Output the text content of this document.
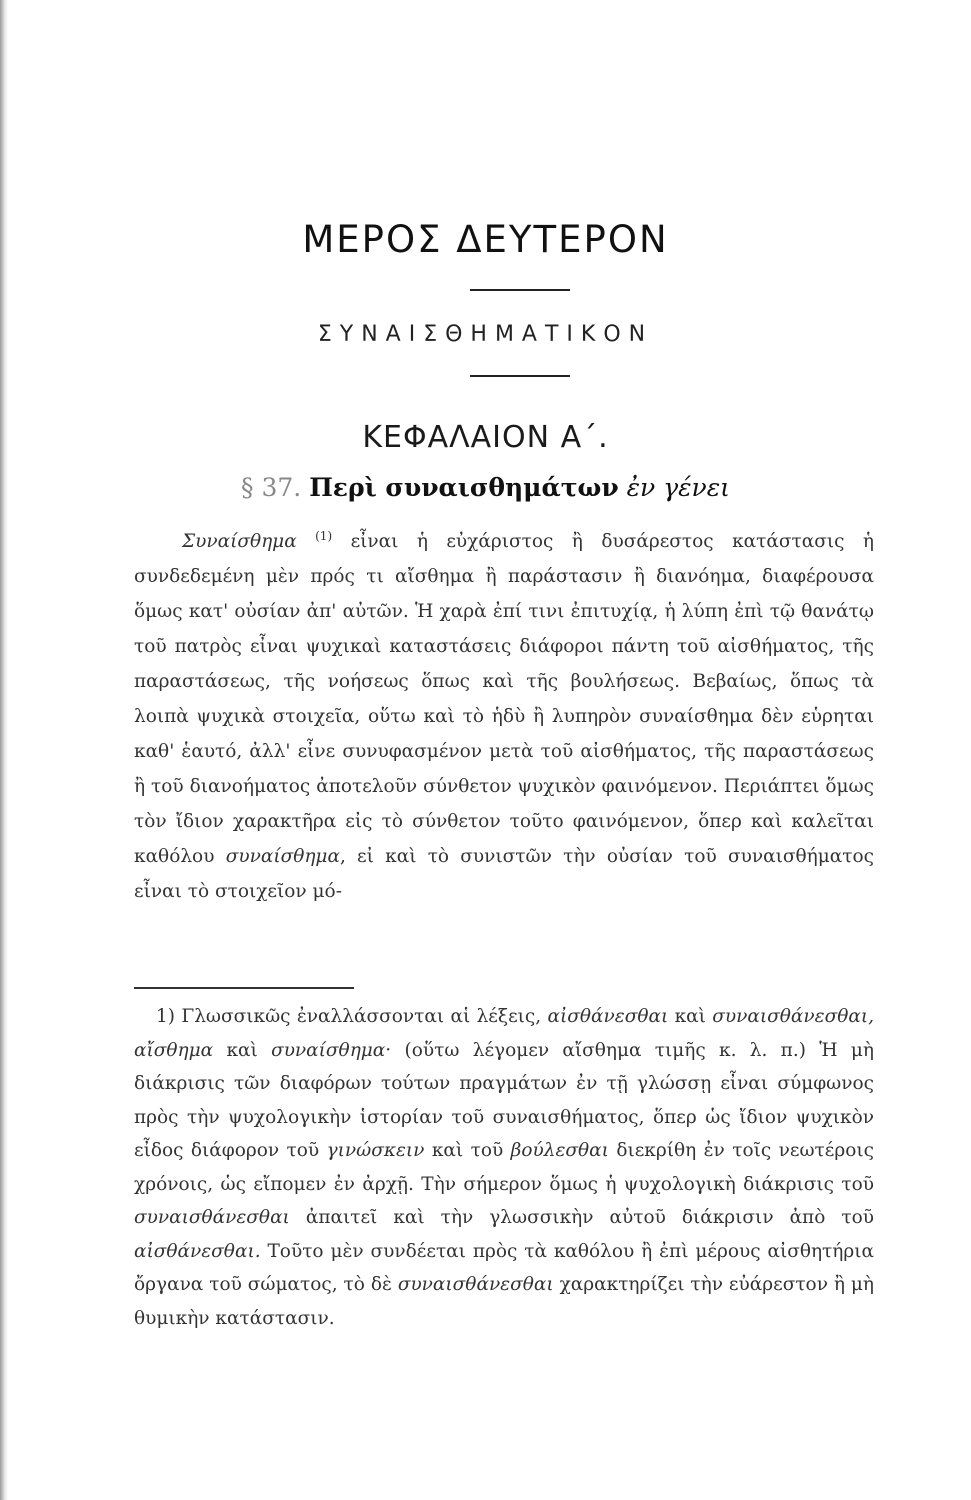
ΜΕΡΟΣ ΔΕΥΤΕΡΟΝ
ΣΥΝΑΙΣΘΗΜΑΤΙΚΟΝ
ΚΕΦΑΛΑΙΟΝ Α΄.
§ 37. Περὶ συναισθημάτων ἐν γένει
Συναίσθημα $^{(1)}$ εἶναι ἡ εὐχάριστος ἢ δυσάρεστος κατάστασις ἡ συνδεδεμένη μὲν πρός τι αἴσθημα ἢ παράστασιν ἢ διανόημα, διαφέρουσα ὅμως κατ' οὐσίαν ἀπ' αὐτῶν. Ἡ χαρὰ ἐπί τινι ἐπιτυχίᾳ, ἡ λύπη ἐπὶ τῷ θανάτῳ τοῦ πατρὸς εἶναι ψυχικαὶ καταστάσεις διάφοροι πάντη τοῦ αἰσθήματος, τῆς παραστάσεως, τῆς νοήσεως ὅπως καὶ τῆς βουλήσεως. Βεβαίως, ὅπως τὰ λοιπὰ ψυχικὰ στοιχεῖα, οὕτω καὶ τὸ ἡδὺ ἢ λυπηρὸν συναίσθημα δὲν εὑρηται καθ' ἑαυτό, ἀλλ' εἶνε συνυφασμένον μετὰ τοῦ αἰσθήματος, τῆς παραστάσεως ἢ τοῦ διανοήματος ἀποτελοῦν σύνθετον ψυχικὸν φαινόμενον. Περιάπτει ὅμως τὸν ἴδιον χαρακτῆρα εἰς τὸ σύνθετον τοῦτο φαινόμενον, ὅπερ καὶ καλεῖται καθόλου συναίσθημα, εἰ καὶ τὸ συνιστῶν τὴν οὐσίαν τοῦ συναισθήματος εἶναι τὸ στοιχεῖον μό-
1) Γλωσσικῶς ἐναλλάσσονται αἱ λέξεις, αἰσθάνεσθαι καὶ συναισθάνεσθαι, αἴσθημα καὶ συναίσθημα· (οὕτω λέγομεν αἴσθημα τιμῆς κ. λ. π.) Ἡ μὴ διάκρισις τῶν διαφόρων τούτων πραγμάτων ἐν τῇ γλώσσῃ εἶναι σύμφωνος πρὸς τὴν ψυχολογικὴν ἱστορίαν τοῦ συναισθήματος, ὅπερ ὡς ἴδιον ψυχικὸν εἶδος διάφορον τοῦ γινώσκειν καὶ τοῦ βούλεσθαι διεκρίθη ἐν τοῖς νεωτέροις χρόνοις, ὡς εἴπομεν ἐν ἀρχῇ. Τὴν σήμερον ὅμως ἡ ψυχολογικὴ διάκρισις τοῦ συναισθάνεσθαι ἀπαιτεῖ καὶ τὴν γλωσσικὴν αὐτοῦ διάκρισιν ἀπὸ τοῦ αἰσθάνεσθαι. Τοῦτο μὲν συνδέεται πρὸς τὰ καθόλου ἢ ἐπὶ μέρους αἰσθητήρια ὄργανα τοῦ σώματος, τὸ δὲ συναισθάνεσθαι χαρακτηρίζει τὴν εὐάρεστον ἢ μὴ θυμικὴν κατάστασιν.
